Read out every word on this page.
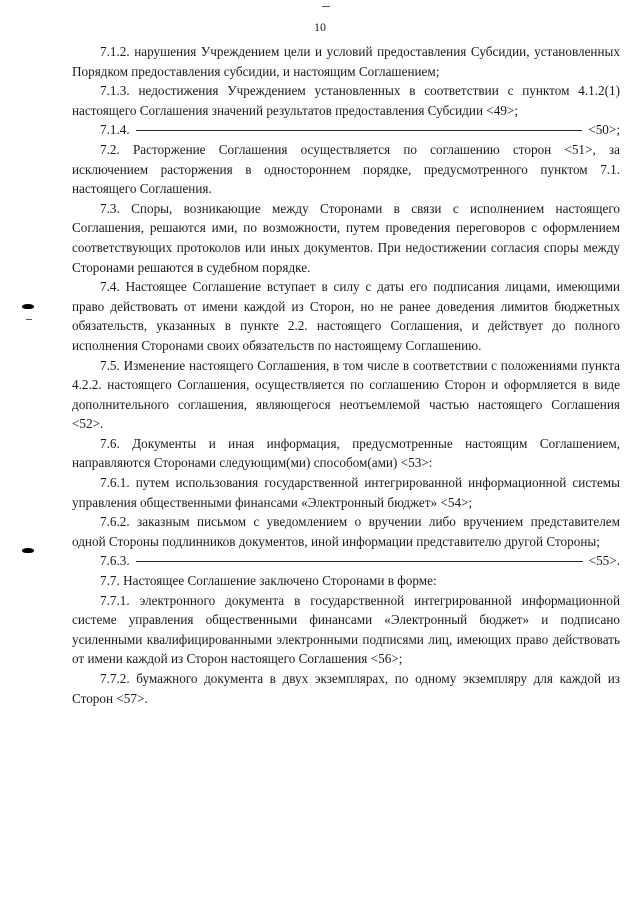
10

7.1.2. нарушения Учреждением цели и условий предоставления Субсидии, установленных Порядком предоставления субсидии, и настоящим Соглашением;

7.1.3. недостижения Учреждением установленных в соответствии с пунктом 4.1.2(1) настоящего Соглашения значений результатов предоставления Субсидии <49>;

7.1.4.	<50>;

7.2. Расторжение Соглашения осуществляется по соглашению сторон <51>, за исключением расторжения в одностороннем порядке, предусмотренного пунктом 7.1. настоящего Соглашения.

7.3. Споры, возникающие между Сторонами в связи с исполнением настоящего Соглашения, решаются ими, по возможности, путем проведения переговоров с оформлением соответствующих протоколов или иных документов. При недостижении согласия споры между Сторонами решаются в судебном порядке.

7.4. Настоящее Соглашение вступает в силу с даты его подписания лицами, имеющими право действовать от имени каждой из Сторон, но не ранее доведения лимитов бюджетных обязательств, указанных в пункте 2.2. настоящего Соглашения, и действует до полного исполнения Сторонами своих обязательств по настоящему Соглашению.

7.5. Изменение настоящего Соглашения, в том числе в соответствии с положениями пункта 4.2.2. настоящего Соглашения, осуществляется по соглашению Сторон и оформляется в виде дополнительного соглашения, являющегося неотъемлемой частью настоящего Соглашения <52>.

7.6. Документы и иная информация, предусмотренные настоящим Соглашением, направляются Сторонами следующим(ми) способом(ами) <53>:

7.6.1. путем использования государственной интегрированной информационной системы управления общественными финансами «Электронный бюджет» <54>;

7.6.2. заказным письмом с уведомлением о вручении либо вручением представителем одной Стороны подлинников документов, иной информации представителю другой Стороны;

7.6.3.	<55>.

7.7. Настоящее Соглашение заключено Сторонами в форме:

7.7.1. электронного документа в государственной интегрированной информационной системе управления общественными финансами «Электронный бюджет» и подписано усиленными квалифицированными электронными подписями лиц, имеющих право действовать от имени каждой из Сторон настоящего Соглашения <56>;

7.7.2. бумажного документа в двух экземплярах, по одному экземпляру для каждой из Сторон <57>.
